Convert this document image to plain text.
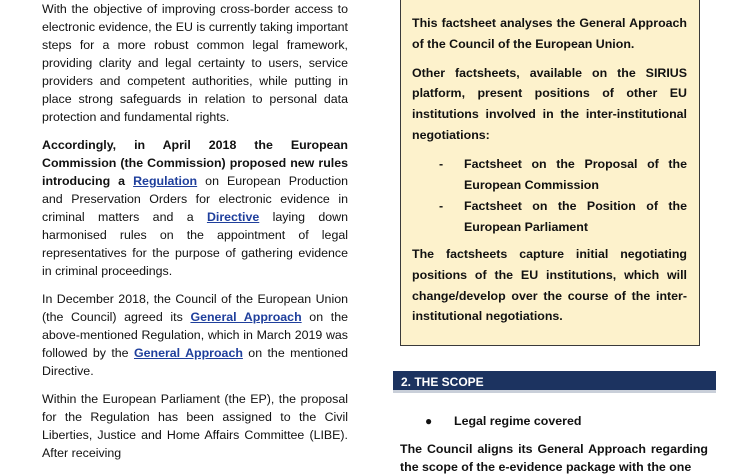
With the objective of improving cross-border access to electronic evidence, the EU is currently taking important steps for a more robust common legal framework, providing clarity and legal certainty to users, service providers and competent authorities, while putting in place strong safeguards in relation to personal data protection and fundamental rights.

Accordingly, in April 2018 the European Commission (the Commission) proposed new rules introducing a Regulation on European Production and Preservation Orders for electronic evidence in criminal matters and a Directive laying down harmonised rules on the appointment of legal representatives for the purpose of gathering evidence in criminal proceedings.

In December 2018, the Council of the European Union (the Council) agreed its General Approach on the above-mentioned Regulation, which in March 2019 was followed by the General Approach on the mentioned Directive.

Within the European Parliament (the EP), the proposal for the Regulation has been assigned to the Civil Liberties, Justice and Home Affairs Committee (LIBE). After receiving

This factsheet analyses the General Approach of the Council of the European Union.

Other factsheets, available on the SIRIUS platform, present positions of other EU institutions involved in the inter-institutional negotiations:

- Factsheet on the Proposal of the European Commission
- Factsheet on the Position of the European Parliament

The factsheets capture initial negotiating positions of the EU institutions, which will change/develop over the course of the inter-institutional negotiations.

2. THE SCOPE
● Legal regime covered
The Council aligns its General Approach regarding the scope of the e-evidence package with the one
